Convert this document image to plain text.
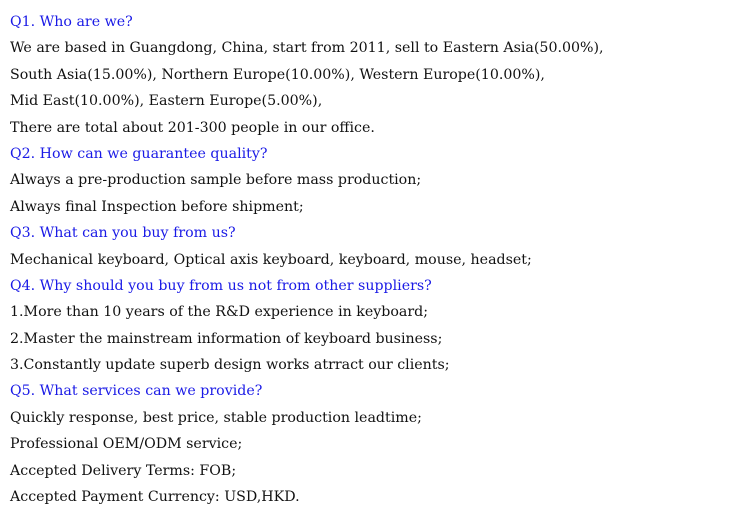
Q1. Who are we?
We are based in Guangdong, China, start from 2011, sell to Eastern Asia(50.00%),
South Asia(15.00%), Northern Europe(10.00%), Western Europe(10.00%),
Mid East(10.00%), Eastern Europe(5.00%),
There are total about 201-300 people in our office.
Q2. How can we guarantee quality?
Always a pre-production sample before mass production;
Always final Inspection before shipment;
Q3. What can you buy from us?
Mechanical keyboard, Optical axis keyboard, keyboard, mouse, headset;
Q4. Why should you buy from us not from other suppliers?
1.More than 10 years of the R&D experience in keyboard;
2.Master the mainstream information of keyboard business;
3.Constantly update superb design works atrract our clients;
Q5. What services can we provide?
Quickly response, best price, stable production leadtime;
Professional OEM/ODM service;
Accepted Delivery Terms: FOB;
Accepted Payment Currency: USD,HKD.
